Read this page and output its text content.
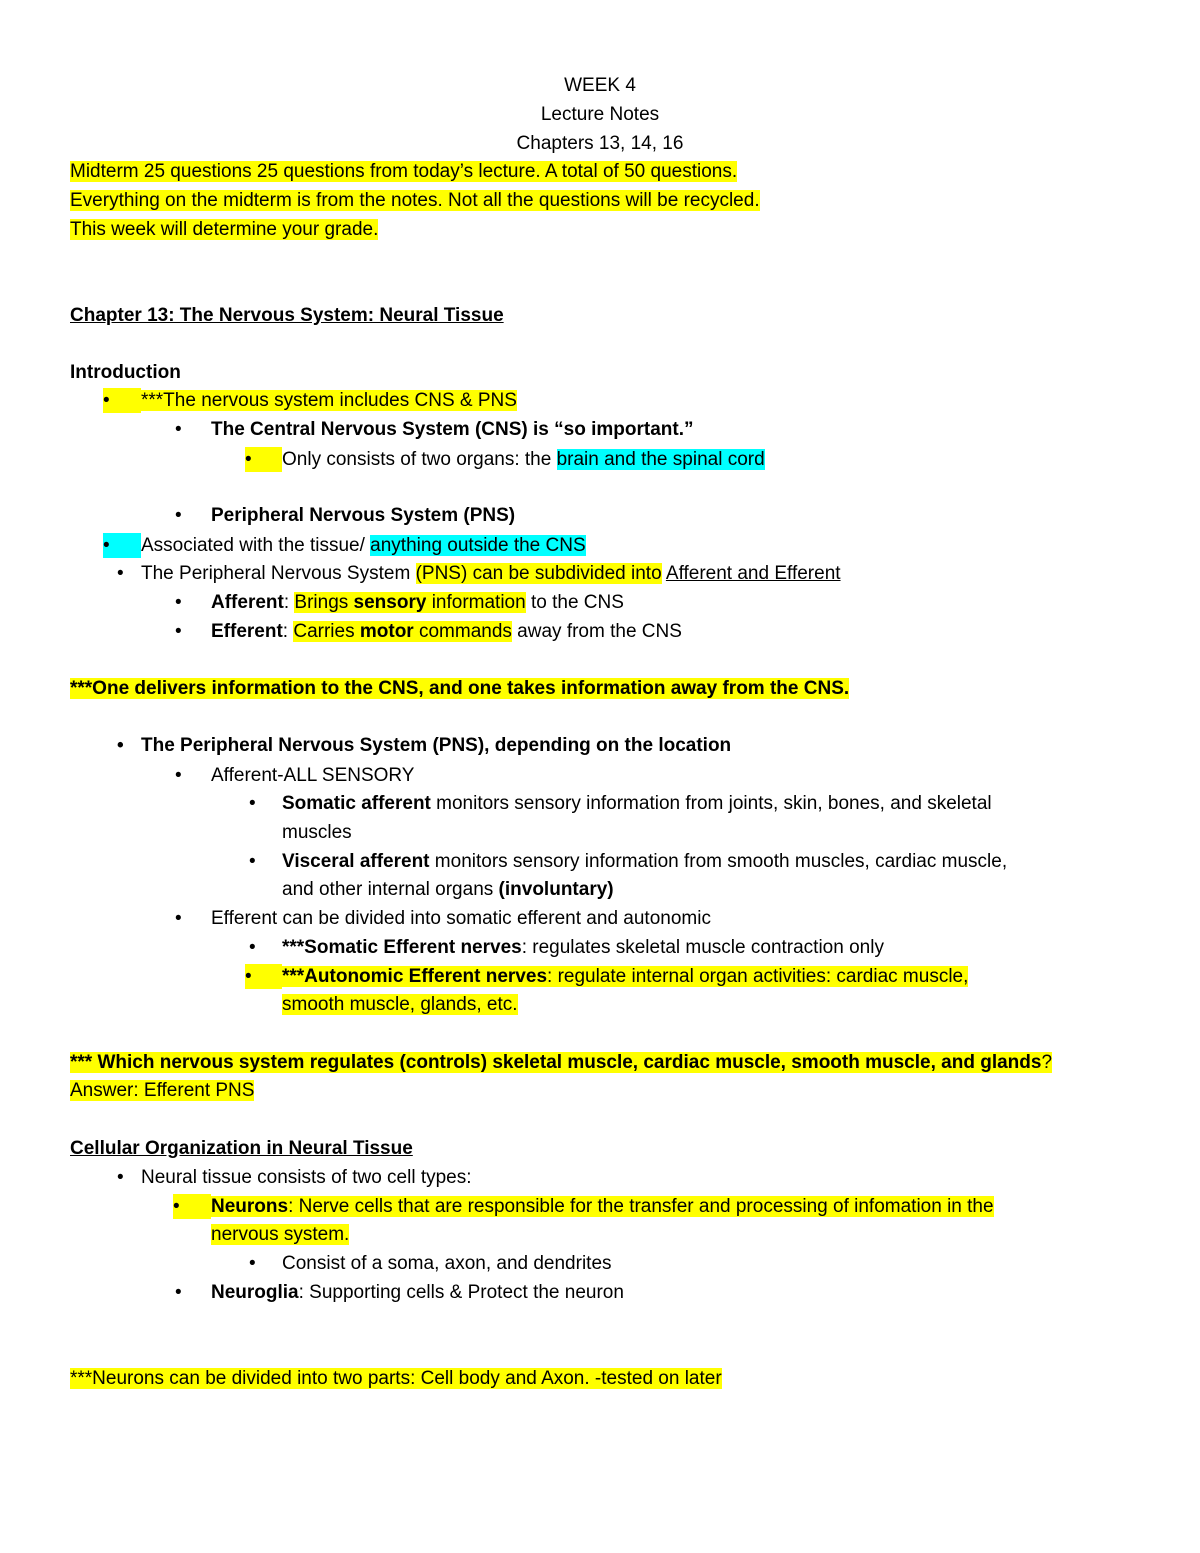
WEEK 4
Lecture Notes
Chapters 13, 14, 16
Midterm 25 questions 25 questions from today’s lecture. A total of 50 questions.
Everything on the midterm is from the notes. Not all the questions will be recycled.
This week will determine your grade.
Chapter 13: The Nervous System: Neural Tissue
Introduction
• ***The nervous system includes CNS & PNS
• The Central Nervous System (CNS) is “so important.”
• Only consists of two organs: the brain and the spinal cord
• Peripheral Nervous System (PNS)
• Associated with the tissue/ anything outside the CNS
• The Peripheral Nervous System (PNS) can be subdivided into Afferent and Efferent
• Afferent: Brings sensory information to the CNS
• Efferent: Carries motor commands away from the CNS
***One delivers information to the CNS, and one takes information away from the CNS.
• The Peripheral Nervous System (PNS), depending on the location
• Afferent-ALL SENSORY
• Somatic afferent monitors sensory information from joints, skin, bones, and skeletal
muscles
• Visceral afferent monitors sensory information from smooth muscles, cardiac muscle,
and other internal organs (involuntary)
• Efferent can be divided into somatic efferent and autonomic
• ***Somatic Efferent nerves: regulates skeletal muscle contraction only
• ***Autonomic Efferent nerves: regulate internal organ activities: cardiac muscle,
smooth muscle, glands, etc.
*** Which nervous system regulates (controls) skeletal muscle, cardiac muscle, smooth muscle, and glands?
Answer: Efferent PNS
Cellular Organization in Neural Tissue
• Neural tissue consists of two cell types:
• Neurons: Nerve cells that are responsible for the transfer and processing of infomation in the
nervous system.
• Consist of a soma, axon, and dendrites
• Neuroglia: Supporting cells & Protect the neuron
***Neurons can be divided into two parts: Cell body and Axon. -tested on later
